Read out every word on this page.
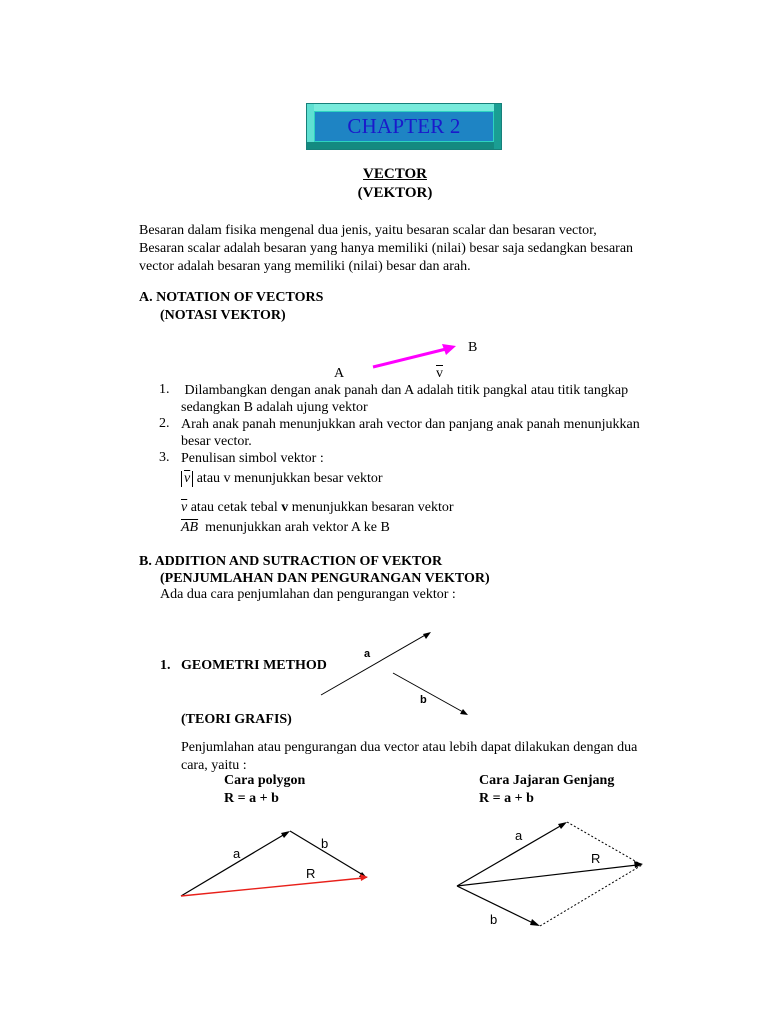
CHAPTER 2
VECTOR
(VEKTOR)
Besaran dalam fisika mengenal dua jenis, yaitu besaran scalar dan besaran vector,
Besaran scalar adalah besaran yang hanya memiliki (nilai) besar saja sedangkan besaran
vector adalah besaran yang memiliki (nilai) besar dan arah.
A. NOTATION OF VECTORS
(NOTASI VEKTOR)
A
B
$\overline{v}$
1. Dilambangkan dengan anak panah dan A adalah titik pangkal atau titik tangkap
sedangkan B adalah ujung vektor
2. Arah anak panah menunjukkan arah vector dan panjang anak panah menunjukkan
besar vector.
3. Penulisan simbol vektor :
$\overline{v}$ atau v menunjukkan besar vektor
$\overline{v}$ atau cetak tebal v menunjukkan besaran vektor
$\overline{AB}$  menunjukkan arah vektor A ke B
B. ADDITION AND SUTRACTION OF VEKTOR
(PENJUMLAHAN DAN PENGURANGAN VEKTOR)
Ada dua cara penjumlahan dan pengurangan vektor :

1.   GEOMETRI METHOD

(TEORI GRAFIS)

a
b
Penjumlahan atau pengurangan dua vector atau lebih dapat dilakukan dengan dua
cara, yaitu :
Cara polygon
R = a + b
Cara Jajaran Genjang
R = a + b
a
b
R
a
b
R
